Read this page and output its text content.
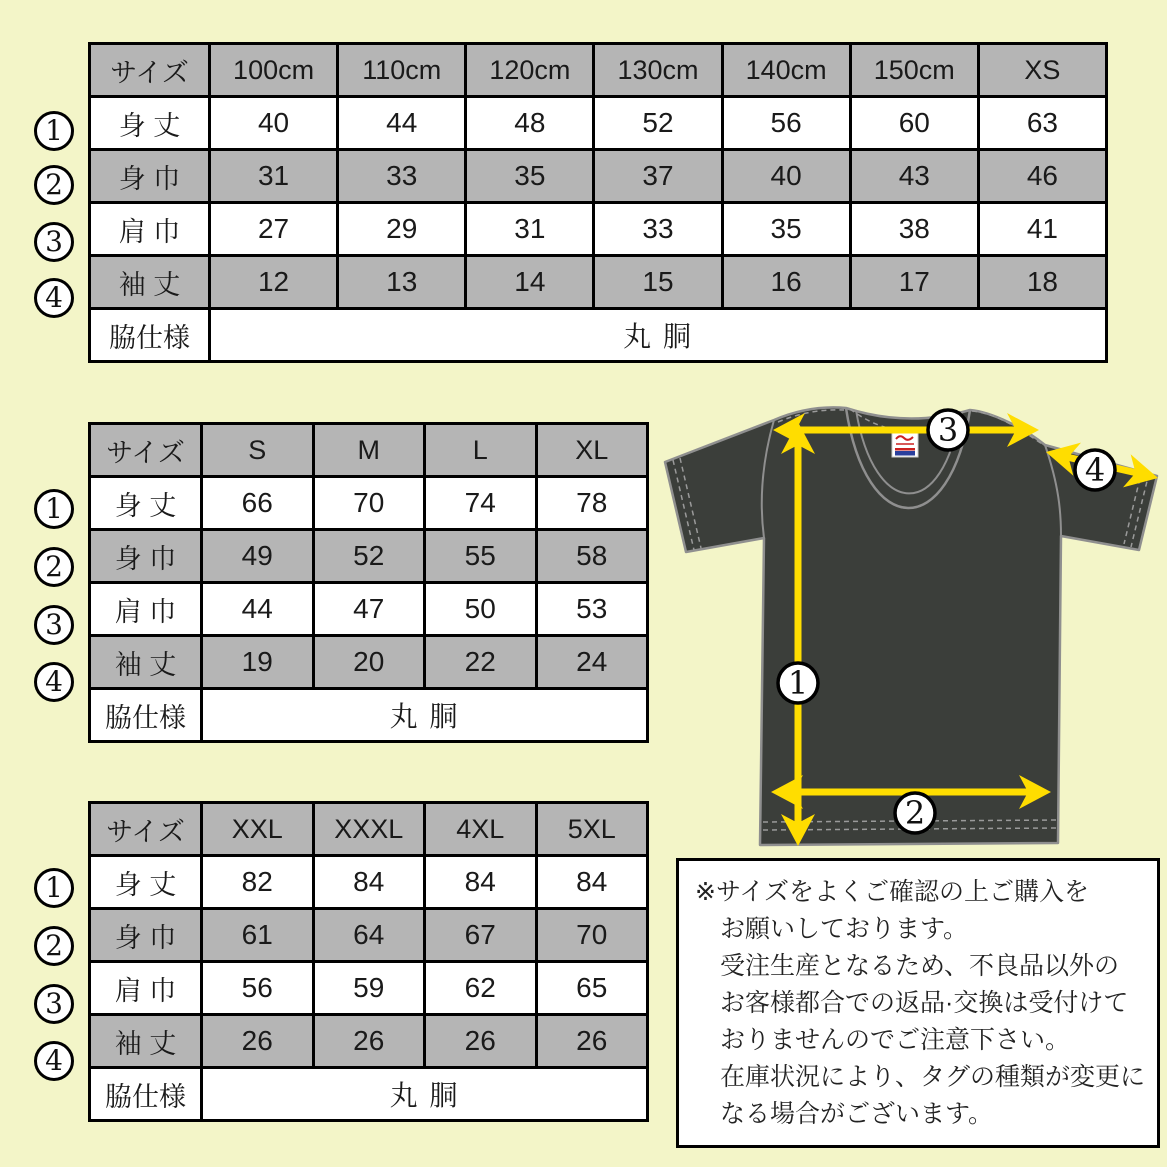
サイズ	100cm	110cm	120cm	130cm	140cm	150cm	XS
身 丈	40	44	48	52	56	60	63
身 巾	31	33	35	37	40	43	46
肩 巾	27	29	31	33	35	38	41
袖 丈	12	13	14	15	16	17	18
脇仕様	丸 胴						
サイズ	S	M	L	XL
身 丈	66	70	74	78
身 巾	49	52	55	58
肩 巾	44	47	50	53
袖 丈	19	20	22	24
脇仕様	丸 胴			
サイズ	XXL	XXXL	4XL	5XL
身 丈	82	84	84	84
身 巾	61	64	67	70
肩 巾	56	59	62	65
袖 丈	26	26	26	26
脇仕様	丸 胴			
1
2
3
4
1
2
3
4
1
2
3
4
3
4
1
2
※サイズをよくご確認の上ご購入を
お願いしております。
受注生産となるため、不良品以外の
お客様都合での返品·交換は受付けて
おりませんのでご注意下さい。
在庫状況により、タグの種類が変更に
なる場合がございます。
